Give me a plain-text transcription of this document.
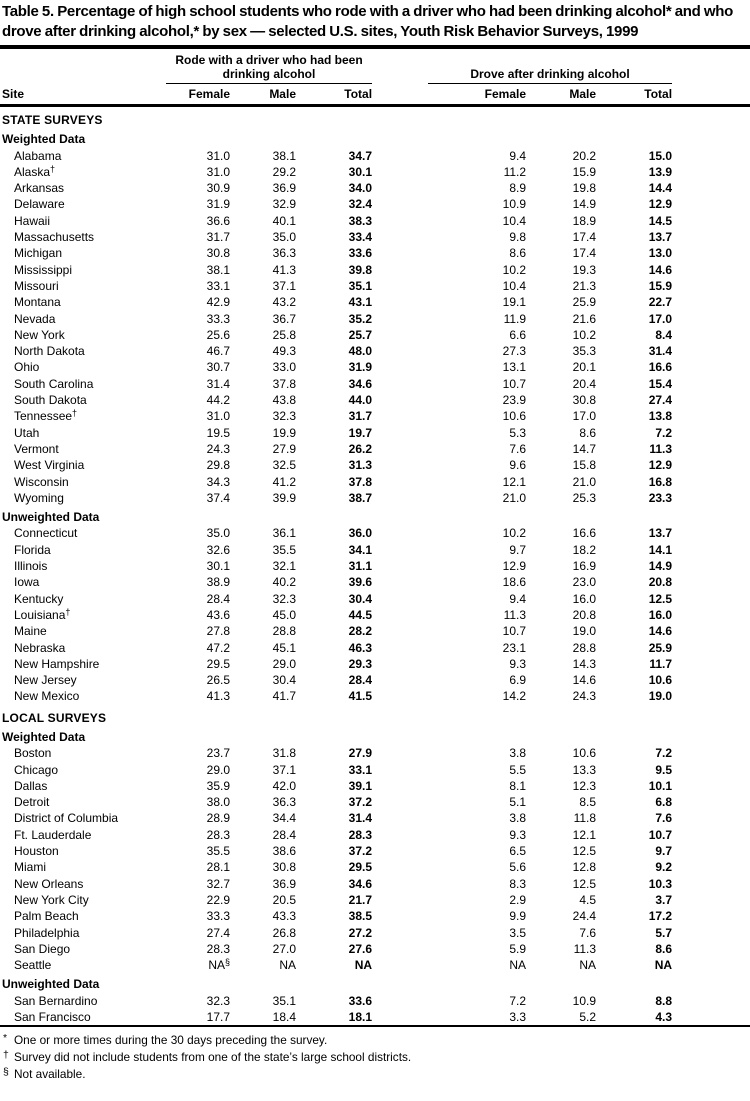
Table 5. Percentage of high school students who rode with a driver who had been drinking alcohol* and who drove after drinking alcohol,* by sex — selected U.S. sites, Youth Risk Behavior Surveys, 1999
	Rode with a driver who had been drinking alcohol				Drove after drinking alcohol			
Site	Female	Male	Total		Female	Male	Total	
STATE SURVEYS								
Weighted Data								
Alabama	31.0	38.1	34.7		9.4	20.2	15.0	
Alaska†	31.0	29.2	30.1		11.2	15.9	13.9	
Arkansas	30.9	36.9	34.0		8.9	19.8	14.4	
Delaware	31.9	32.9	32.4		10.9	14.9	12.9	
Hawaii	36.6	40.1	38.3		10.4	18.9	14.5	
Massachusetts	31.7	35.0	33.4		9.8	17.4	13.7	
Michigan	30.8	36.3	33.6		8.6	17.4	13.0	
Mississippi	38.1	41.3	39.8		10.2	19.3	14.6	
Missouri	33.1	37.1	35.1		10.4	21.3	15.9	
Montana	42.9	43.2	43.1		19.1	25.9	22.7	
Nevada	33.3	36.7	35.2		11.9	21.6	17.0	
New York	25.6	25.8	25.7		6.6	10.2	8.4	
North Dakota	46.7	49.3	48.0		27.3	35.3	31.4	
Ohio	30.7	33.0	31.9		13.1	20.1	16.6	
South Carolina	31.4	37.8	34.6		10.7	20.4	15.4	
South Dakota	44.2	43.8	44.0		23.9	30.8	27.4	
Tennessee†	31.0	32.3	31.7		10.6	17.0	13.8	
Utah	19.5	19.9	19.7		5.3	8.6	7.2	
Vermont	24.3	27.9	26.2		7.6	14.7	11.3	
West Virginia	29.8	32.5	31.3		9.6	15.8	12.9	
Wisconsin	34.3	41.2	37.8		12.1	21.0	16.8	
Wyoming	37.4	39.9	38.7		21.0	25.3	23.3	
Unweighted Data								
Connecticut	35.0	36.1	36.0		10.2	16.6	13.7	
Florida	32.6	35.5	34.1		9.7	18.2	14.1	
Illinois	30.1	32.1	31.1		12.9	16.9	14.9	
Iowa	38.9	40.2	39.6		18.6	23.0	20.8	
Kentucky	28.4	32.3	30.4		9.4	16.0	12.5	
Louisiana†	43.6	45.0	44.5		11.3	20.8	16.0	
Maine	27.8	28.8	28.2		10.7	19.0	14.6	
Nebraska	47.2	45.1	46.3		23.1	28.8	25.9	
New Hampshire	29.5	29.0	29.3		9.3	14.3	11.7	
New Jersey	26.5	30.4	28.4		6.9	14.6	10.6	
New Mexico	41.3	41.7	41.5		14.2	24.3	19.0	
LOCAL SURVEYS								
Weighted Data								
Boston	23.7	31.8	27.9		3.8	10.6	7.2	
Chicago	29.0	37.1	33.1		5.5	13.3	9.5	
Dallas	35.9	42.0	39.1		8.1	12.3	10.1	
Detroit	38.0	36.3	37.2		5.1	8.5	6.8	
District of Columbia	28.9	34.4	31.4		3.8	11.8	7.6	
Ft. Lauderdale	28.3	28.4	28.3		9.3	12.1	10.7	
Houston	35.5	38.6	37.2		6.5	12.5	9.7	
Miami	28.1	30.8	29.5		5.6	12.8	9.2	
New Orleans	32.7	36.9	34.6		8.3	12.5	10.3	
New York City	22.9	20.5	21.7		2.9	4.5	3.7	
Palm Beach	33.3	43.3	38.5		9.9	24.4	17.2	
Philadelphia	27.4	26.8	27.2		3.5	7.6	5.7	
San Diego	28.3	27.0	27.6		5.9	11.3	8.6	
Seattle	NA§	NA	NA		NA	NA	NA	
Unweighted Data								
San Bernardino	32.3	35.1	33.6		7.2	10.9	8.8	
San Francisco	17.7	18.4	18.1		3.3	5.2	4.3	
* One or more times during the 30 days preceding the survey.
† Survey did not include students from one of the state’s large school districts.
§ Not available.
